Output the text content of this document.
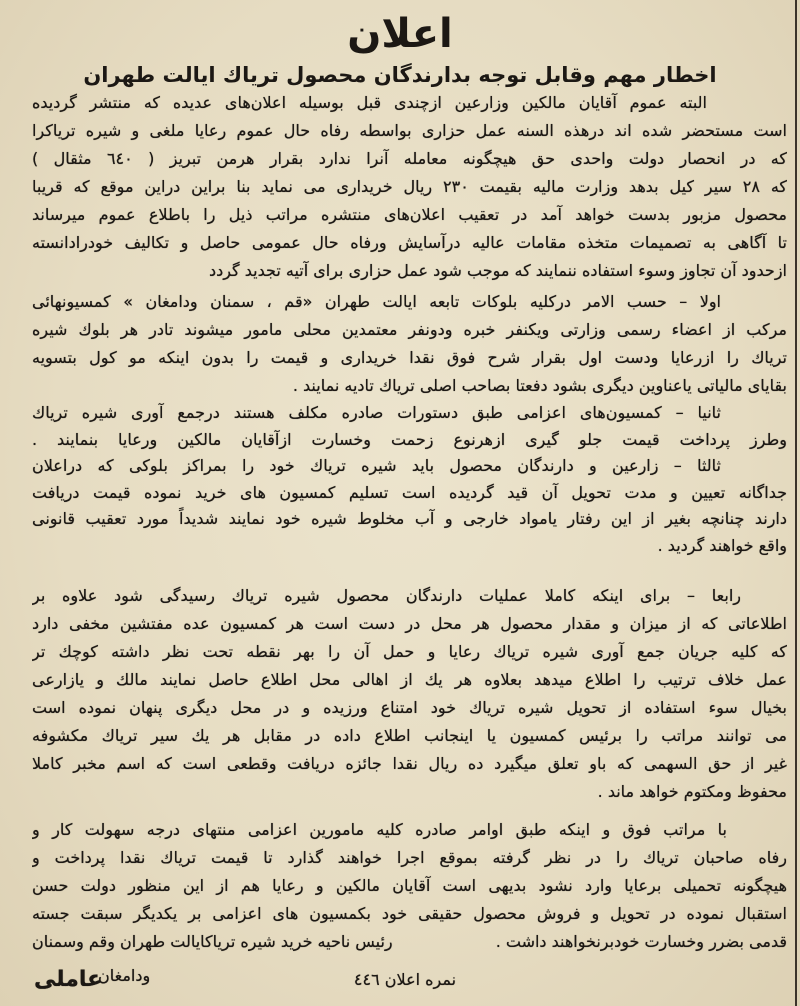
اعلان
اخطار مهم وقابل توجه بدارندگان محصول تریاك ایالت طهران
البته عموم آقایان مالکین وزارعین ازچندی قبل بوسیله اعلان‌های عدیده که منتشر گردیده
است مستحضر شده اند درهذه السنه عمل حزاری بواسطه رفاه حال عموم رعایا ملغی و شیره تریاکرا
که در انحصار دولت واحدی حق هیچگونه معامله آنرا ندارد بقرار هرمن تبریز ( ٦٤٠ مثقال )
که ٢٨ سیر کیل بدهد وزارت مالیه بقیمت ٢٣٠ ریال خریداری می نماید بنا براین دراین موقع که قریبا
محصول مزبور بدست خواهد آمد در تعقیب اعلان‌های منتشره مراتب ذیل را باطلاع عموم میرساند
تا آگاهی به تصمیمات متخذه مقامات عالیه درآسایش ورفاه حال عمومی حاصل و تکالیف خودرادانسته
ازحدود آن تجاوز وسوء استفاده ننمایند که موجب شود عمل حزاری برای آتیه تجدید گردد
اولا – حسب الامر درکلیه بلوکات تابعه ایالت طهران «قم ، سمنان ودامغان » کمسیونهائی
مرکب از اعضاء رسمی وزارتی ویکنفر خبره ودونفر معتمدین محلی مامور میشوند تادر هر بلوك شیره
تریاك را ازرعایا ودست اول بقرار شرح فوق نقدا خریداری و قیمت را بدون اینکه مو کول بتسویه
بقایای مالیاتی یاعناوین دیگری بشود دفعتا بصاحب اصلی تریاك تادیه نمایند .
ثانیا – کمسیون‌های اعزامی طبق دستورات صادره مکلف هستند درجمع آوری شیره تریاك
وطرز پرداخت قیمت جلو گیری ازهرنوع زحمت وخسارت ازآقایان مالکین ورعایا بنمایند .
ثالثا – زارعین و دارندگان محصول باید شیره تریاك خود را بمراکز بلوکی که دراعلان
جداگانه تعیین و مدت تحویل آن قید گردیده است تسلیم کمسیون های خرید نموده قیمت دریافت
دارند چنانچه بغیر از این رفتار یامواد خارجی و آب مخلوط شیره خود نمایند شدیداً مورد تعقیب قانونی
واقع خواهند گردید .
رابعا – برای اینکه کاملا عملیات دارندگان محصول شیره تریاك رسیدگی شود علاوه بر
اطلاعاتی که از میزان و مقدار محصول هر محل در دست است هر کمسیون عده مفتشین مخفی دارد
که کلیه جریان جمع آوری شیره تریاك رعایا و حمل آن را بهر نقطه تحت نظر داشته کوچك تر
عمل خلاف ترتیب را اطلاع میدهد بعلاوه هر یك از اهالی محل اطلاع حاصل نمایند مالك و یازارعی
بخیال سوء استفاده از تحویل شیره تریاك خود امتناع ورزیده و در محل دیگری پنهان نموده است
می توانند مراتب را برئیس کمسیون یا اینجانب اطلاع داده در مقابل هر یك سیر تریاك مکشوفه
غیر از حق السهمی که باو تعلق میگیرد ده ریال نقدا جائزه دریافت وقطعی است که اسم مخبر کاملا
محفوظ ومکتوم خواهد ماند .
با مراتب فوق و اینکه طبق اوامر صادره کلیه مامورین اعزامی منتهای درجه سهولت کار و
رفاه صاحبان تریاك را در نظر گرفته بموقع اجرا خواهند گذارد تا قیمت تریاك نقدا پرداخت و
هیچگونه تحمیلی برعایا وارد نشود بدیهی است آقایان مالکین و رعایا هم از این منظور دولت حسن
استقبال نموده در تحویل و فروش محصول حقیقی خود بکمسیون های اعزامی بر یکدیگر سبقت جسته
قدمی بضرر وخسارت خودبرنخواهند داشت .
رئیس ناحیه خرید شیره تریاکایالت طهران وقم وسمنان
نمره اعلان ٤٤٦
ودامغان
عاملی
